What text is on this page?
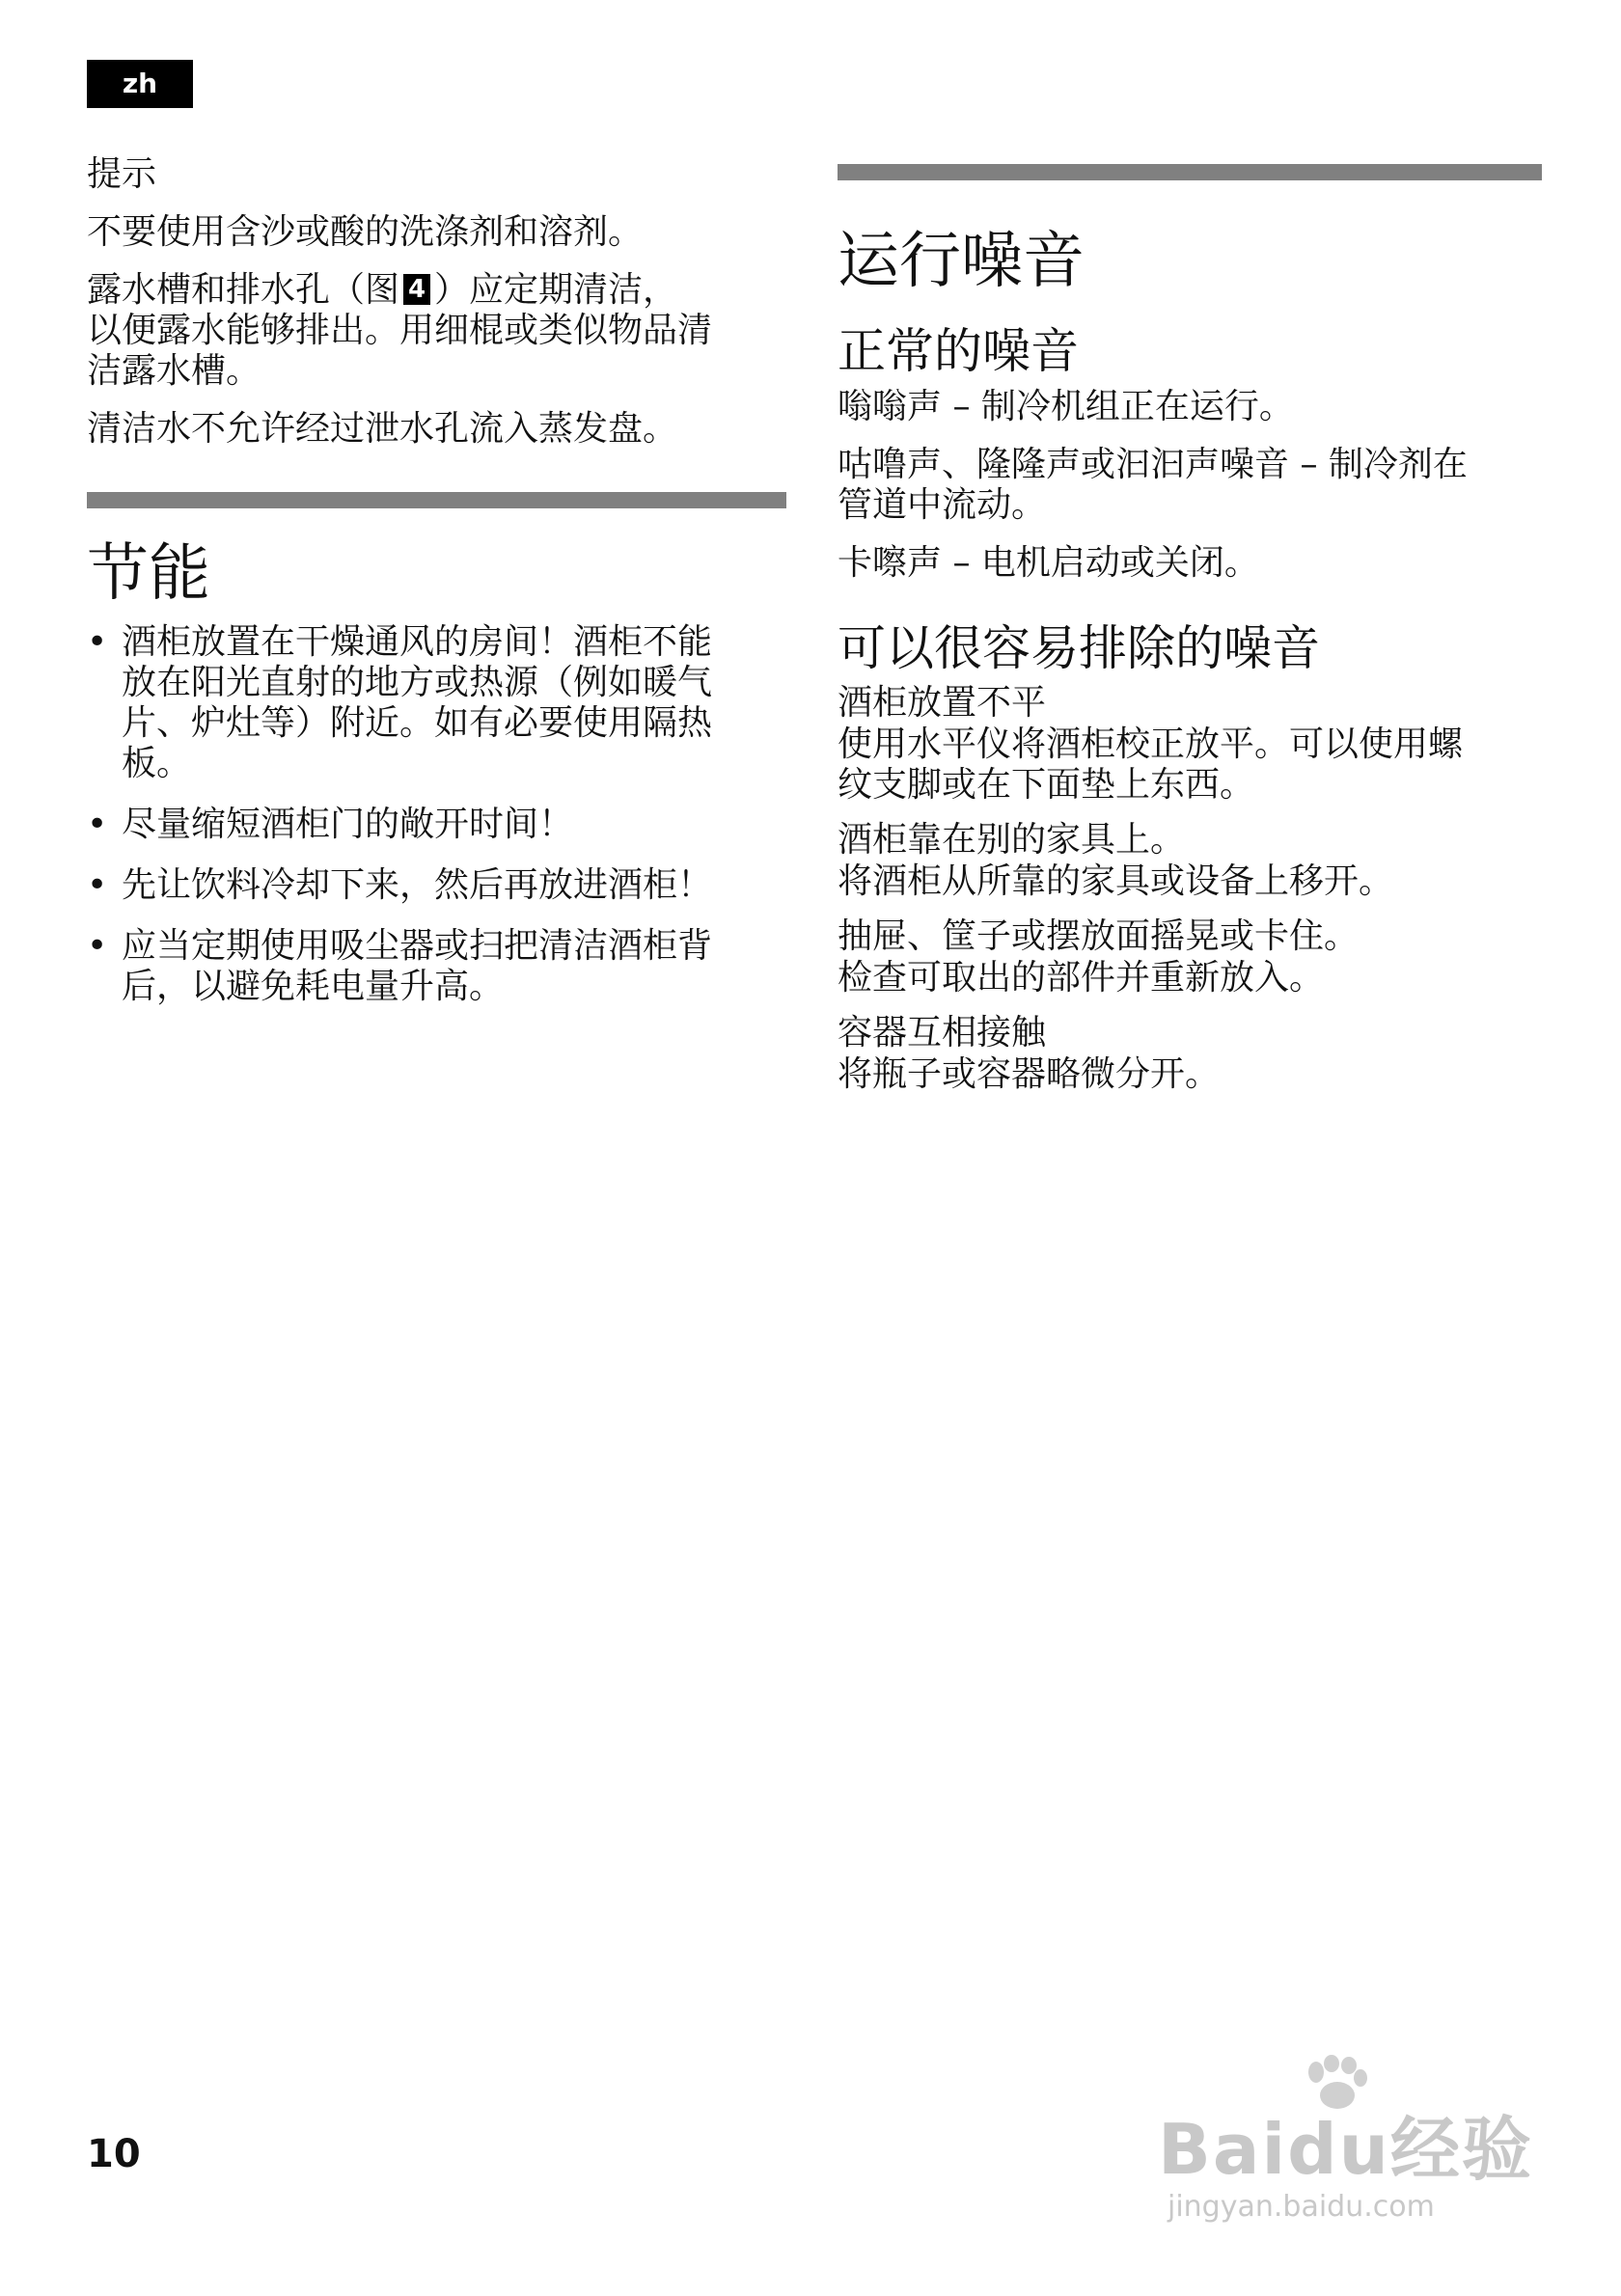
zh

提示

不要使用含沙或酸的洗涤剂和溶剂。

露水槽和排水孔（图 4 ）应定期清洁，

以便露水能够排出。用细棍或类似物品清

洁露水槽。

清洁水不允许经过泄水孔流入蒸发盘。

节能
• 酒柜放置在干燥通风的房间！酒柜不能
放在阳光直射的地方或热源（例如暖气
片、炉灶等）附近。如有必要使用隔热
板。
• 尽量缩短酒柜门的敞开时间！
• 先让饮料冷却下来，然后再放进酒柜！
• 应当定期使用吸尘器或扫把清洁酒柜背
后，以避免耗电量升高。
运行噪音
正常的噪音

嗡嗡声 – 制冷机组正在运行。

咕噜声、隆隆声或汩汩声噪音 – 制冷剂在

管道中流动。

卡嚓声 – 电机启动或关闭。

可以很容易排除的噪音
酒柜放置不平

使用水平仪将酒柜校正放平。可以使用螺

纹支脚或在下面垫上东西。

酒柜靠在别的家具上。

将酒柜从所靠的家具或设备上移开。

抽屉、筐子或摆放面摇晃或卡住。

检查可取出的部件并重新放入。

容器互相接触

将瓶子或容器略微分开。

10	Baidu经验
jingyan.baidu.com
